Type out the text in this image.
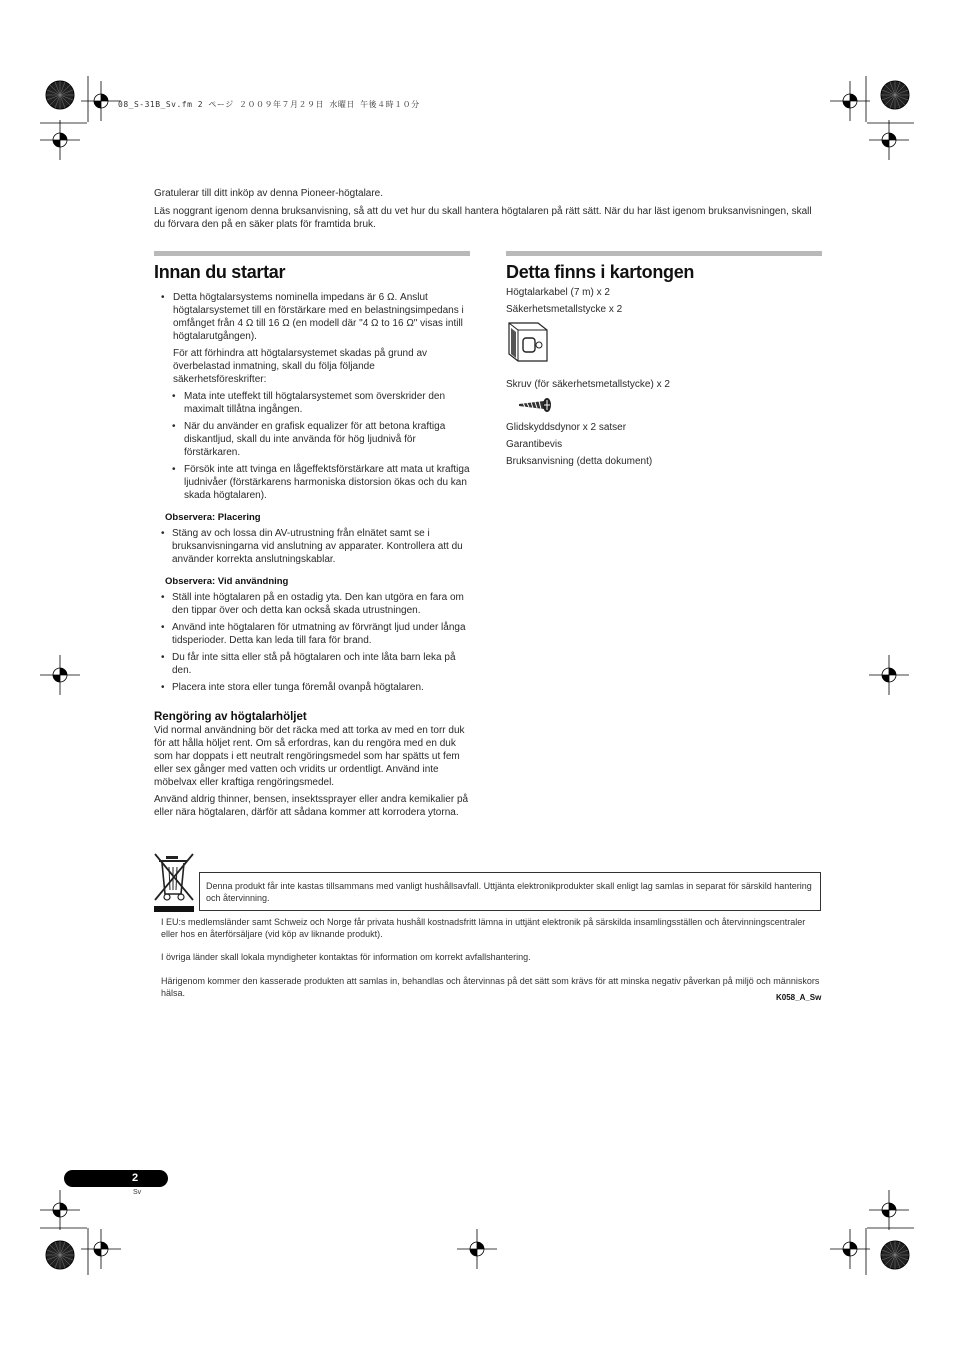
08_S-31B_Sv.fm 2 ページ ２００９年７月２９日 水曜日 午後４時１０分
Gratulerar till ditt inköp av denna Pioneer-högtalare.
Läs noggrant igenom denna bruksanvisning, så att du vet hur du skall hantera högtalaren på rätt sätt. När du har läst igenom bruksanvisningen, skall du förvara den på en säker plats för framtida bruk.
Innan du startar
• Detta högtalarsystems nominella impedans är 6 Ω. Anslut högtalarsystemet till en förstärkare med en belastningsimpedans i omfånget från 4 Ω till 16 Ω (en modell där "4 Ω to 16 Ω" visas intill högtalarutgången).
För att förhindra att högtalarsystemet skadas på grund av överbelastad inmatning, skall du följa följande säkerhetsföreskrifter:
• Mata inte uteffekt till högtalarsystemet som överskrider den maximalt tillåtna ingången.
• När du använder en grafisk equalizer för att betona kraftiga diskantljud, skall du inte använda för hög ljudnivå för förstärkaren.
• Försök inte att tvinga en lågeffektsförstärkare att mata ut kraftiga ljudnivåer (förstärkarens harmoniska distorsion ökas och du kan skada högtalaren).
Observera: Placering
• Stäng av och lossa din AV-utrustning från elnätet samt se i bruksanvisningarna vid anslutning av apparater. Kontrollera att du använder korrekta anslutningskablar.
Observera: Vid användning
• Ställ inte högtalaren på en ostadig yta. Den kan utgöra en fara om den tippar över och detta kan också skada utrustningen.
• Använd inte högtalaren för utmatning av förvrängt ljud under långa tidsperioder. Detta kan leda till fara för brand.
• Du får inte sitta eller stå på högtalaren och inte låta barn leka på den.
• Placera inte stora eller tunga föremål ovanpå högtalaren.
Rengöring av högtalarhöljet

Vid normal användning bör det räcka med att torka av med en torr duk för att hålla höljet rent. Om så erfordras, kan du rengöra med en duk som har doppats i ett neutralt rengöringsmedel som har spätts ut fem eller sex gånger med vatten och vridits ur ordentligt. Använd inte möbelvax eller kraftiga rengöringsmedel.

Använd aldrig thinner, bensen, insektssprayer eller andra kemikalier på eller nära högtalaren, därför att sådana kommer att korrodera ytorna.

Detta finns i kartongen
Högtalarkabel (7 m) x 2
Säkerhetsmetallstycke x 2
Skruv (för säkerhetsmetallstycke) x 2
Glidskyddsdynor x 2 satser
Garantibevis
Bruksanvisning (detta dokument)
Denna produkt får inte kastas tillsammans med vanligt hushållsavfall. Uttjänta elektronikprodukter skall enligt lag samlas in separat för särskild hantering och återvinning.
I EU:s medlemsländer samt Schweiz och Norge får privata hushåll kostnadsfritt lämna in uttjänt elektronik på särskilda insamlingsställen och återvinningscentraler eller hos en återförsäljare (vid köp av liknande produkt).
I övriga länder skall lokala myndigheter kontaktas för information om korrekt avfallshantering.
Härigenom kommer den kasserade produkten att samlas in, behandlas och återvinnas på det sätt som krävs för att minska negativ påverkan på miljö och människors hälsa.	K058_A_Sw
2
Sv
